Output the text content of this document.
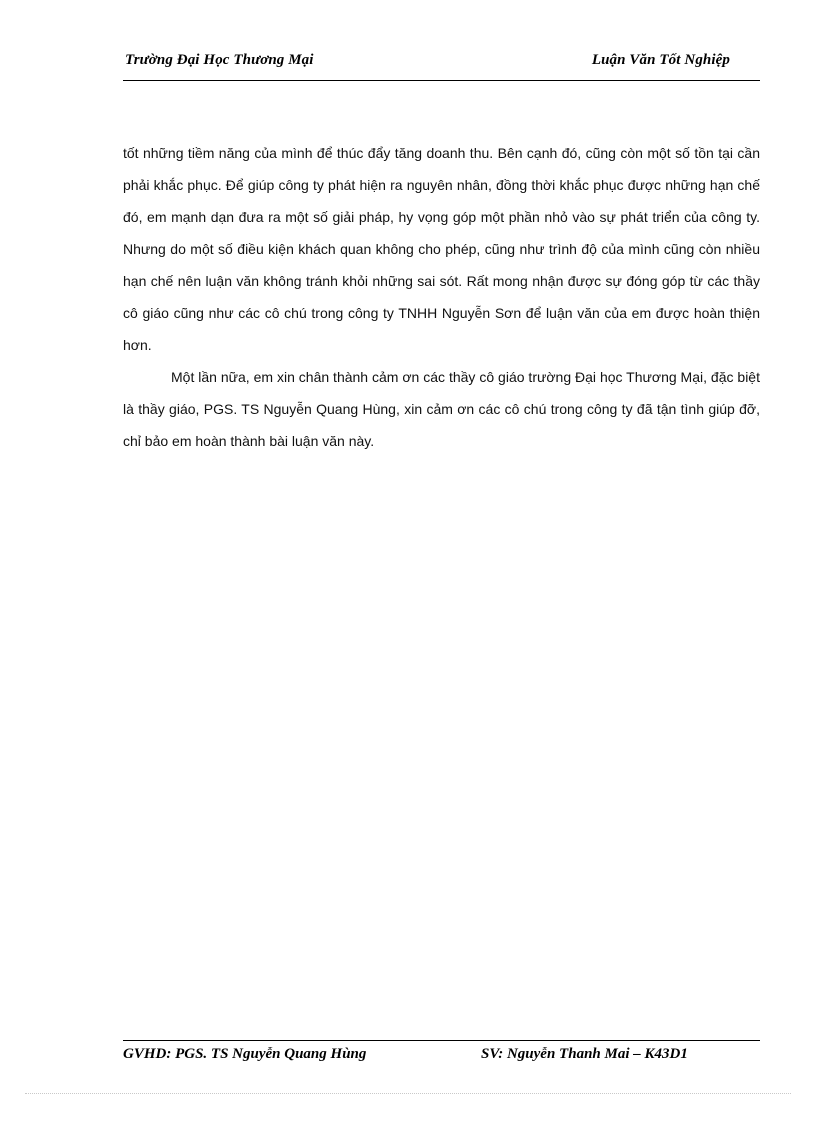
Trường Đại Học Thương Mại	Luận Văn Tốt Nghiệp

tốt những tiềm năng của mình để thúc đẩy tăng doanh thu. Bên cạnh đó, cũng còn một số tồn tại cần phải khắc phục. Để giúp công ty phát hiện ra nguyên nhân, đồng thời khắc phục được những hạn chế đó, em mạnh dạn đưa ra một số giải pháp, hy vọng góp một phần nhỏ vào sự phát triển của công ty. Nhưng do một số điều kiện khách quan không cho phép, cũng như trình độ của mình cũng còn nhiều hạn chế nên luận văn không tránh khỏi những sai sót. Rất mong nhận được sự đóng góp từ các thầy cô giáo cũng như các cô chú trong công ty TNHH Nguyễn Sơn để luận văn của em được hoàn thiện hơn.

Một lần nữa, em xin chân thành cảm ơn các thầy cô giáo trường Đại học Thương Mại, đặc biệt là thầy giáo, PGS. TS Nguyễn Quang Hùng, xin cảm ơn các cô chú trong công ty đã tận tình giúp đỡ, chỉ bảo em hoàn thành bài luận văn này.

GVHD: PGS. TS Nguyễn Quang Hùng	SV: Nguyễn Thanh Mai – K43D1
